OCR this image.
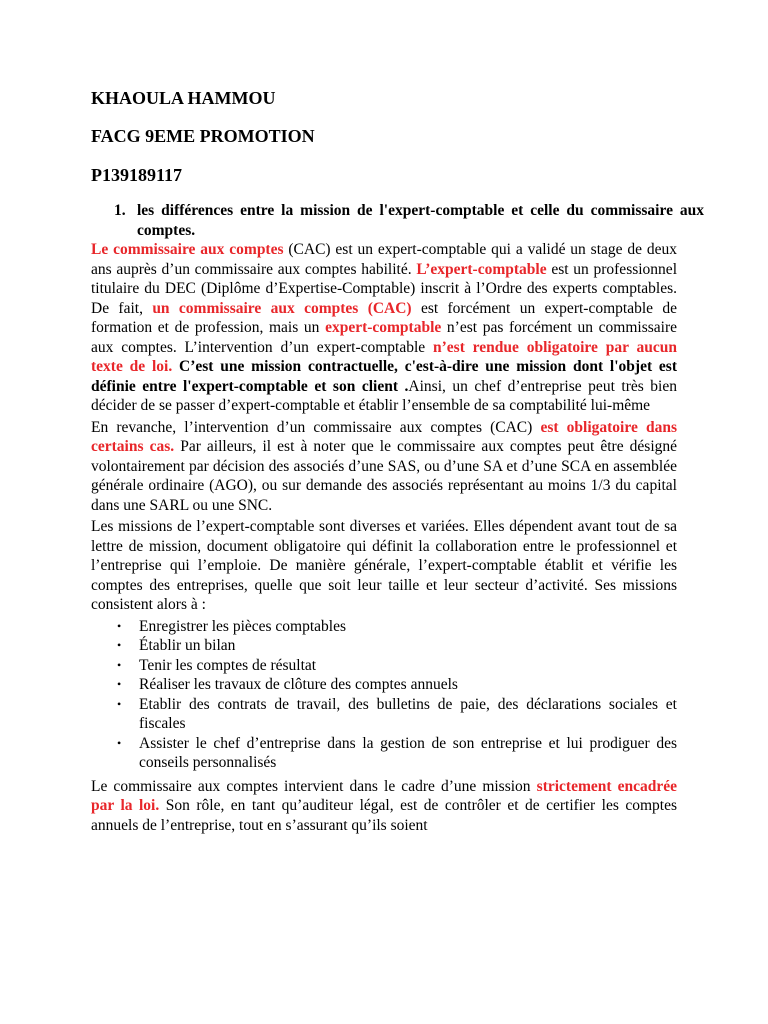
KHAOULA HAMMOU
FACG 9EME PROMOTION
P139189117
1. les différences entre la mission de l'expert-comptable et celle du commissaire aux comptes.

Le commissaire aux comptes (CAC) est un expert-comptable qui a validé un stage de deux ans auprès d’un commissaire aux comptes habilité. L’expert-comptable est un professionnel titulaire du DEC (Diplôme d’Expertise-Comptable) inscrit à l’Ordre des experts comptables. De fait, un commissaire aux comptes (CAC) est forcément un expert-comptable de formation et de profession, mais un expert-comptable n’est pas forcément un commissaire aux comptes. L’intervention d’un expert-comptable n’est rendue obligatoire par aucun texte de loi. C’est une mission contractuelle, c'est-à-dire une mission dont l'objet est définie entre l'expert-comptable et son client .Ainsi, un chef d’entreprise peut très bien décider de se passer d’expert-comptable et établir l’ensemble de sa comptabilité lui-même

En revanche, l’intervention d’un commissaire aux comptes (CAC) est obligatoire dans certains cas. Par ailleurs, il est à noter que le commissaire aux comptes peut être désigné volontairement par décision des associés d’une SAS, ou d’une SA et d’une SCA en assemblée générale ordinaire (AGO), ou sur demande des associés représentant au moins 1/3 du capital dans une SARL ou une SNC.

Les missions de l’expert-comptable sont diverses et variées. Elles dépendent avant tout de sa lettre de mission, document obligatoire qui définit la collaboration entre le professionnel et l’entreprise qui l’emploie. De manière générale, l’expert-comptable établit et vérifie les comptes des entreprises, quelle que soit leur taille et leur secteur d’activité. Ses missions consistent alors à :

• Enregistrer les pièces comptables
• Établir un bilan
• Tenir les comptes de résultat
• Réaliser les travaux de clôture des comptes annuels
• Etablir des contrats de travail, des bulletins de paie, des déclarations sociales et fiscales
• Assister le chef d’entreprise dans la gestion de son entreprise et lui prodiguer des conseils personnalisés

Le commissaire aux comptes intervient dans le cadre d’une mission strictement encadrée par la loi. Son rôle, en tant qu’auditeur légal, est de contrôler et de certifier les comptes annuels de l’entreprise, tout en s’assurant qu’ils soient
